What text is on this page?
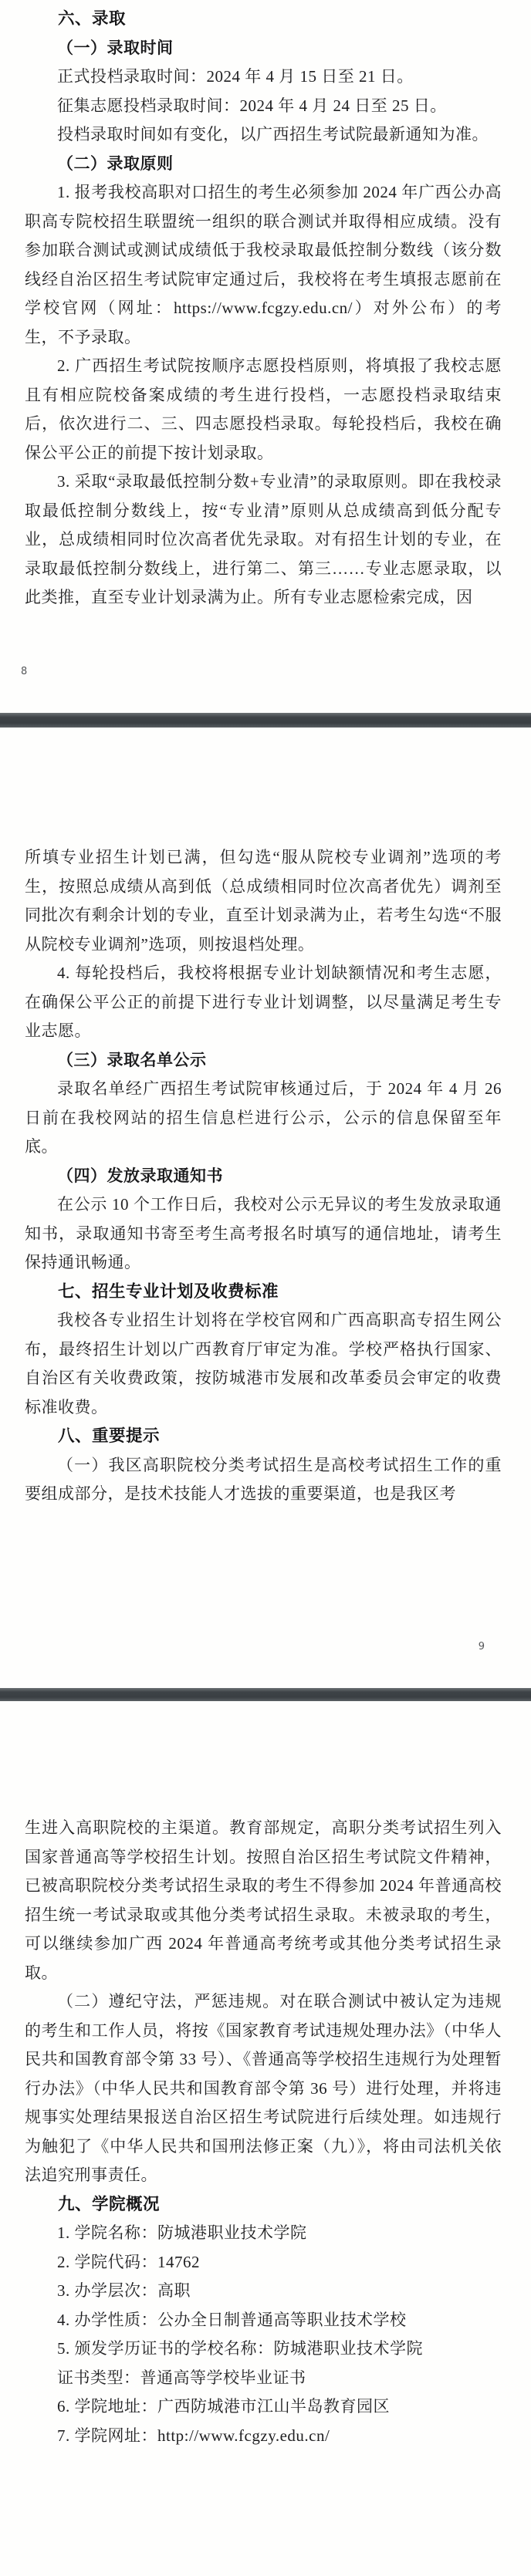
六、录取

（一）录取时间

正式投档录取时间：2024 年 4 月 15 日至 21 日。

征集志愿投档录取时间：2024 年 4 月 24 日至 25 日。

投档录取时间如有变化，以广西招生考试院最新通知为准。

（二）录取原则

1. 报考我校高职对口招生的考生必须参加 2024 年广西公办高职高专院校招生联盟统一组织的联合测试并取得相应成绩。没有参加联合测试或测试成绩低于我校录取最低控制分数线（该分数线经自治区招生考试院审定通过后，我校将在考生填报志愿前在学校官网（网址：https://www.fcgzy.edu.cn/）对外公布）的考生，不予录取。

2. 广西招生考试院按顺序志愿投档原则，将填报了我校志愿且有相应院校备案成绩的考生进行投档，一志愿投档录取结束后，依次进行二、三、四志愿投档录取。每轮投档后，我校在确保公平公正的前提下按计划录取。

3. 采取“录取最低控制分数+专业清”的录取原则。即在我校录取最低控制分数线上，按“专业清”原则从总成绩高到低分配专业，总成绩相同时位次高者优先录取。对有招生计划的专业，在录取最低控制分数线上，进行第二、第三……专业志愿录取，以此类推，直至专业计划录满为止。所有专业志愿检索完成，因

8

所填专业招生计划已满，但勾选“服从院校专业调剂”选项的考生，按照总成绩从高到低（总成绩相同时位次高者优先）调剂至同批次有剩余计划的专业，直至计划录满为止，若考生勾选“不服从院校专业调剂”选项，则按退档处理。

4. 每轮投档后，我校将根据专业计划缺额情况和考生志愿，在确保公平公正的前提下进行专业计划调整，以尽量满足考生专业志愿。

（三）录取名单公示

录取名单经广西招生考试院审核通过后，于 2024 年 4 月 26 日前在我校网站的招生信息栏进行公示，公示的信息保留至年底。

（四）发放录取通知书

在公示 10 个工作日后，我校对公示无异议的考生发放录取通知书，录取通知书寄至考生高考报名时填写的通信地址，请考生保持通讯畅通。

七、招生专业计划及收费标准

我校各专业招生计划将在学校官网和广西高职高专招生网公布，最终招生计划以广西教育厅审定为准。学校严格执行国家、自治区有关收费政策，按防城港市发展和改革委员会审定的收费标准收费。

八、重要提示

（一）我区高职院校分类考试招生是高校考试招生工作的重要组成部分，是技术技能人才选拔的重要渠道，也是我区考

9

生进入高职院校的主渠道。教育部规定，高职分类考试招生列入国家普通高等学校招生计划。按照自治区招生考试院文件精神，已被高职院校分类考试招生录取的考生不得参加 2024 年普通高校招生统一考试录取或其他分类考试招生录取。未被录取的考生，可以继续参加广西 2024 年普通高考统考或其他分类考试招生录取。

（二）遵纪守法，严惩违规。对在联合测试中被认定为违规的考生和工作人员，将按《国家教育考试违规处理办法》（中华人民共和国教育部令第 33 号）、《普通高等学校招生违规行为处理暂行办法》（中华人民共和国教育部令第 36 号）进行处理，并将违规事实处理结果报送自治区招生考试院进行后续处理。如违规行为触犯了《中华人民共和国刑法修正案（九）》，将由司法机关依法追究刑事责任。

九、学院概况

1. 学院名称：防城港职业技术学院

2. 学院代码：14762

3. 办学层次：高职

4. 办学性质：公办全日制普通高等职业技术学校

5. 颁发学历证书的学校名称：防城港职业技术学院

证书类型：普通高等学校毕业证书

6. 学院地址：广西防城港市江山半岛教育园区

7. 学院网址：http://www.fcgzy.edu.cn/
